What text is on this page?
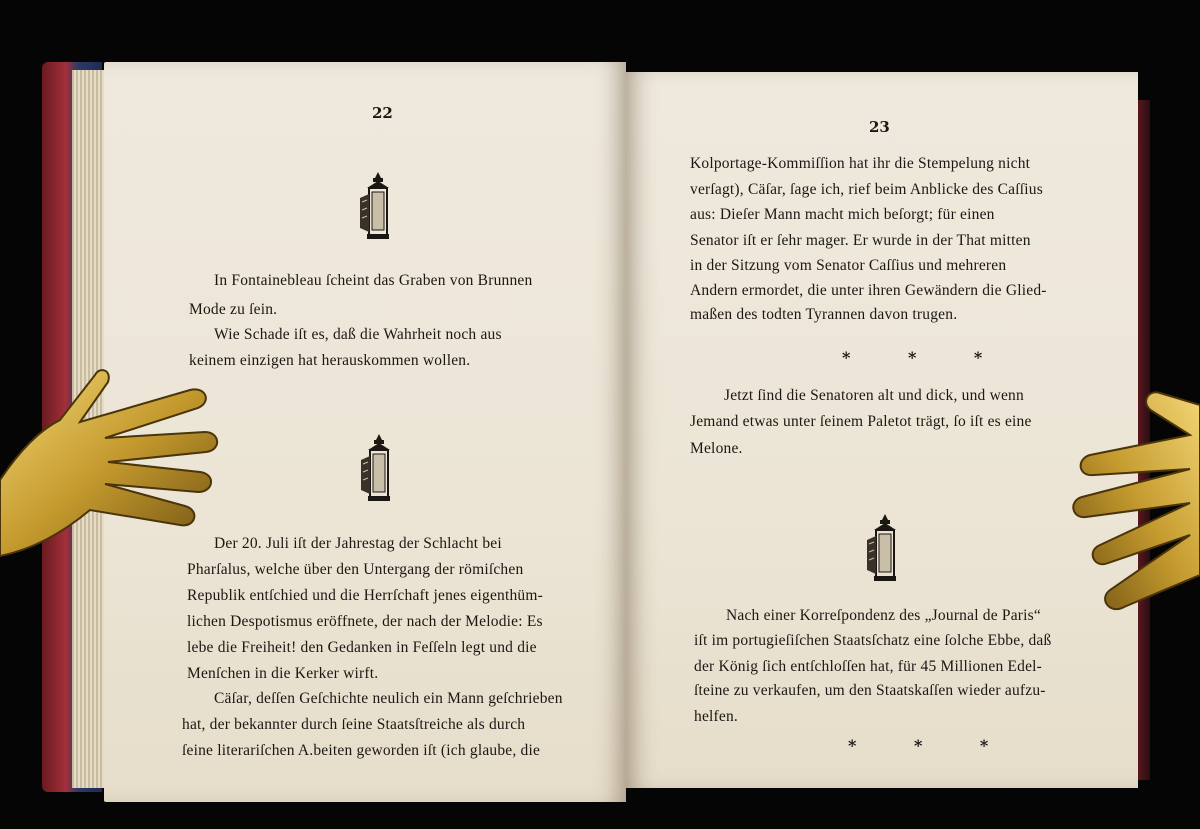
22
In Fontainebleau ſcheint das Graben von Brunnen
Mode zu ſein.
Wie Schade iſt es, daß die Wahrheit noch aus
keinem einzigen hat herauskommen wollen.
Der 20. Juli iſt der Jahrestag der Schlacht bei
Pharſalus, welche über den Untergang der römiſchen
Republik entſchied und die Herrſchaft jenes eigenthüm-
lichen Despotismus eröffnete, der nach der Melodie: Es
lebe die Freiheit! den Gedanken in Feſſeln legt und die
Menſchen in die Kerker wirft.
Cäſar, deſſen Geſchichte neulich ein Mann geſchrieben
hat, der bekannter durch ſeine Staatsſtreiche als durch
ſeine literariſchen A.beiten geworden iſt (ich glaube, die
23
Kolportage-Kommiſſion hat ihr die Stempelung nicht
verſagt), Cäſar, ſage ich, rief beim Anblicke des Caſſius
aus: Dieſer Mann macht mich beſorgt; für einen
Senator iſt er ſehr mager. Er wurde in der That mitten
in der Sitzung vom Senator Caſſius und mehreren
Andern ermordet, die unter ihren Gewändern die Glied-
maßen des todten Tyrannen davon trugen.
* * *
Jetzt ſind die Senatoren alt und dick, und wenn
Jemand etwas unter ſeinem Paletot trägt, ſo iſt es eine
Melone.
Nach einer Korreſpondenz des „Journal de Paris“
iſt im portugieſiſchen Staatsſchatz eine ſolche Ebbe, daß
der König ſich entſchloſſen hat, für 45 Millionen Edel-
ſteine zu verkaufen, um den Staatskaſſen wieder aufzu-
helfen.
* * *
